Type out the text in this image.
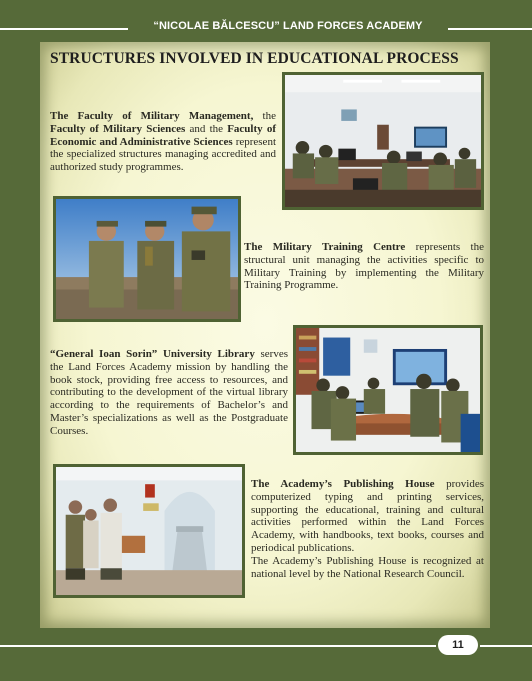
“NICOLAE BĂLCESCU” LAND FORCES ACADEMY
STRUCTURES INVOLVED IN EDUCATIONAL PROCESS

The Faculty of Military Management, the Faculty of Military Sciences and the Faculty of Economic and Administrative Sciences represent the specialized structures managing accredited and authorized study programmes.

The Military Training Centre represents the structural unit managing the activities specific to Military Training by implementing the Military Training Programme.

“General Ioan Sorin” University Library serves the Land Forces Academy mission by handling the book stock, providing free access to resources, and contributing to the development of the virtual library according to the requirements of Bachelor’s and Master’s specializations as well as the Postgraduate Courses.

The Academy’s Publishing House provides computerized typing and printing services, supporting the educational, training and cultural activities performed within the Land Forces Academy, with handbooks, text books, courses and periodical publications.
The Academy’s Publishing House is recognized at national level by the National Research Council.
11
